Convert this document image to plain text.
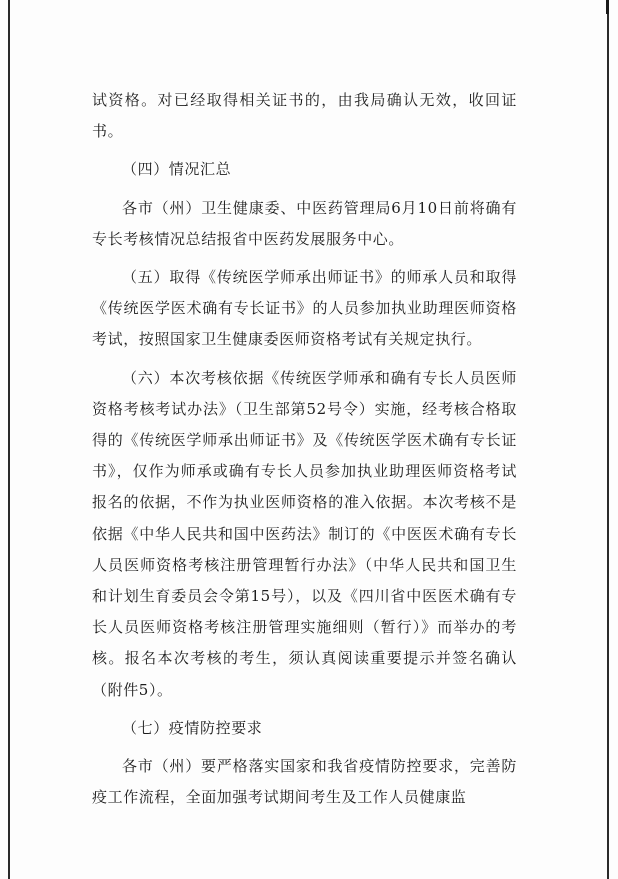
试资格。对已经取得相关证书的，由我局确认无效，收回证书。

（四）情况汇总

各市（州）卫生健康委、中医药管理局6月10日前将确有专长考核情况总结报省中医药发展服务中心。

（五）取得《传统医学师承出师证书》的师承人员和取得《传统医学医术确有专长证书》的人员参加执业助理医师资格考试，按照国家卫生健康委医师资格考试有关规定执行。

（六）本次考核依据《传统医学师承和确有专长人员医师资格考核考试办法》（卫生部第52号令）实施，经考核合格取得的《传统医学师承出师证书》及《传统医学医术确有专长证书》，仅作为师承或确有专长人员参加执业助理医师资格考试报名的依据，不作为执业医师资格的准入依据。本次考核不是依据《中华人民共和国中医药法》制订的《中医医术确有专长人员医师资格考核注册管理暂行办法》（中华人民共和国卫生和计划生育委员会令第15号），以及《四川省中医医术确有专长人员医师资格考核注册管理实施细则（暂行）》而举办的考核。报名本次考核的考生，须认真阅读重要提示并签名确认（附件5）。

（七）疫情防控要求

各市（州）要严格落实国家和我省疫情防控要求，完善防疫工作流程，全面加强考试期间考生及工作人员健康监
